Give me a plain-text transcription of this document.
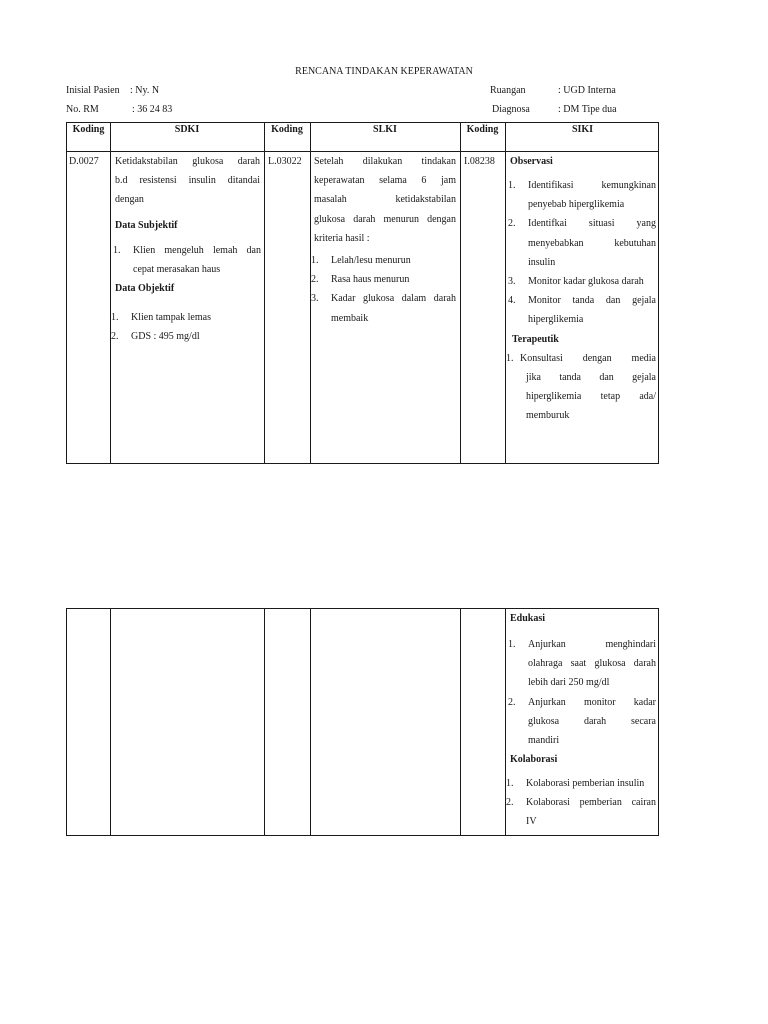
RENCANA TINDAKAN KEPERAWATAN
Inisial Pasien : Ny. N
No. RM	: 36 24 83
Ruangan	: UGD Interna
Diagnosa	: DM Tipe dua
Koding	SDKI	Koding	SLKI	Koding	SIKI
D.0027	Ketidakstabilan glukosa darah
b.d resistensi insulin ditandai
dengan
Data Subjektif
1. Klien mengeluh lemah dan
cepat merasakan haus
Data Objektif
1. Klien tampak lemas
2. GDS : 495 mg/dl
L.03022	Setelah dilakukan tindakan
keperawatan selama 6 jam
masalah ketidakstabilan
glukosa darah menurun dengan
kriteria hasil :
1. Lelah/lesu menurun
2. Rasa haus menurun
3. Kadar glukosa dalam darah
membaik
I.08238	Observasi
1. Identifikasi kemungkinan
penyebab hiperglikemia
2. Identifkai situasi yang
menyebabkan kebutuhan
insulin
3. Monitor kadar glukosa darah
4. Monitor tanda dan gejala
hiperglikemia
Terapeutik
1. Konsultasi dengan media
jika tanda dan gejala
hiperglikemia tetap ada/
memburuk
Edukasi
1. Anjurkan menghindari
olahraga saat glukosa darah
lebih dari 250 mg/dl
2. Anjurkan monitor kadar
glukosa darah secara
mandiri
Kolaborasi
1. Kolaborasi pemberian insulin
2. Kolaborasi pemberian cairan
IV
